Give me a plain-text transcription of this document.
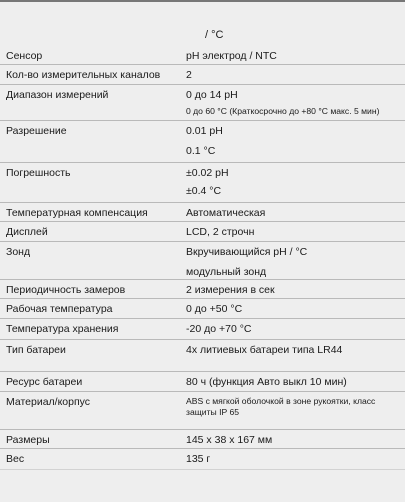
/ °C
Сенсор	pH электрод / NTC
Кол-во измерительных каналов 2
Диапазон измерений	0 до 14 pH
0 до 60 °C (Краткосрочно до +80 °C макс. 5 мин)
Разрешение	0.01 pH
0.1 °C
Погрешность	±0.02 pH
±0.4 °C
Температурная компенсация	Автоматическая
Дисплей	LCD, 2 строчн
Зонд	Вкручивающийся pH / °C
модульный зонд
Периодичность замеров	2 измерения в сек
Рабочая температура	0 до +50 °C
Температура хранения	-20 до +70 °C
Тип батареи	4x литиевых батареи типа LR44
Ресурс батареи	80 ч (функция Авто выкл 10 мин)
Материал/корпус	ABS с мягкой оболочкой в зоне рукоятки, класс защиты IP 65
Размеры	145 x 38 x 167 мм
Вес	135 г
